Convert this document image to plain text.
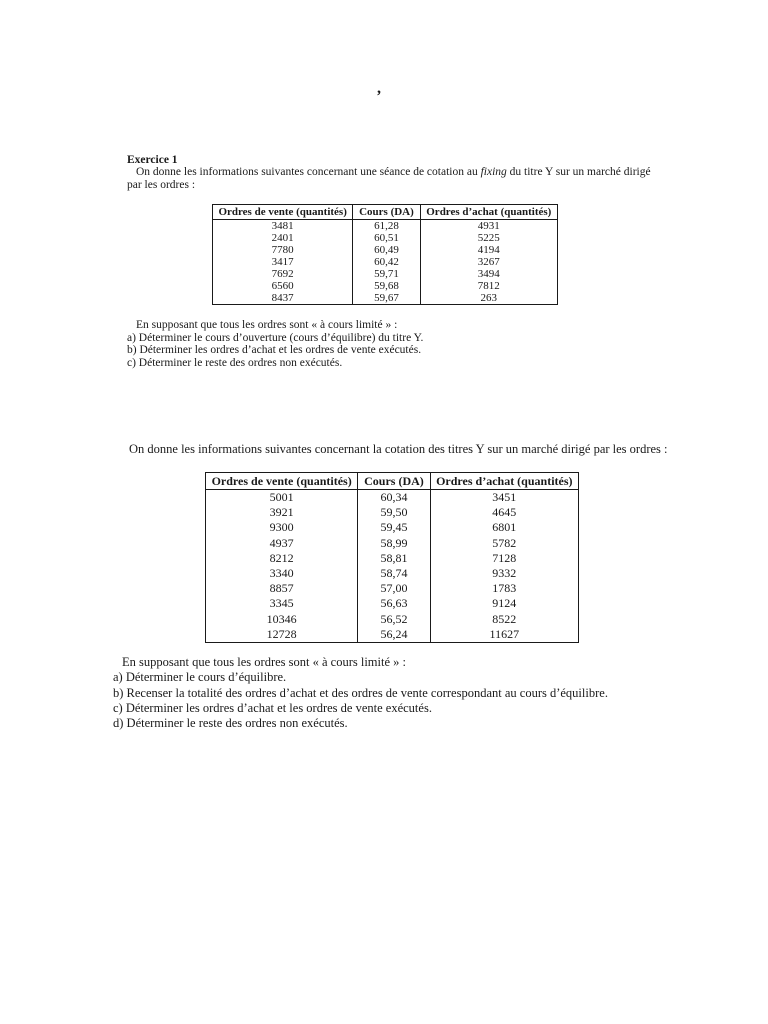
,
Exercice 1
On donne les informations suivantes concernant une séance de cotation au fixing du titre Y sur un marché dirigé
par les ordres :
Ordres de vente (quantités)	Cours (DA)	Ordres d’achat (quantités)
3481	61,28	4931
2401	60,51	5225
7780	60,49	4194
3417	60,42	3267
7692	59,71	3494
6560	59,68	7812
8437	59,67	263
En supposant que tous les ordres sont « à cours limité » :
a) Déterminer le cours d’ouverture (cours d’équilibre) du titre Y.
b) Déterminer les ordres d’achat et les ordres de vente exécutés.
c) Déterminer le reste des ordres non exécutés.
On donne les informations suivantes concernant la cotation des titres Y sur un marché dirigé par les ordres :
Ordres de vente (quantités)	Cours (DA)	Ordres d’achat (quantités)
5001	60,34	3451
3921	59,50	4645
9300	59,45	6801
4937	58,99	5782
8212	58,81	7128
3340	58,74	9332
8857	57,00	1783
3345	56,63	9124
10346	56,52	8522
12728	56,24	11627
En supposant que tous les ordres sont « à cours limité » :
a) Déterminer le cours d’équilibre.
b) Recenser la totalité des ordres d’achat et des ordres de vente correspondant au cours d’équilibre.
c) Déterminer les ordres d’achat et les ordres de vente exécutés.
d) Déterminer le reste des ordres non exécutés.
